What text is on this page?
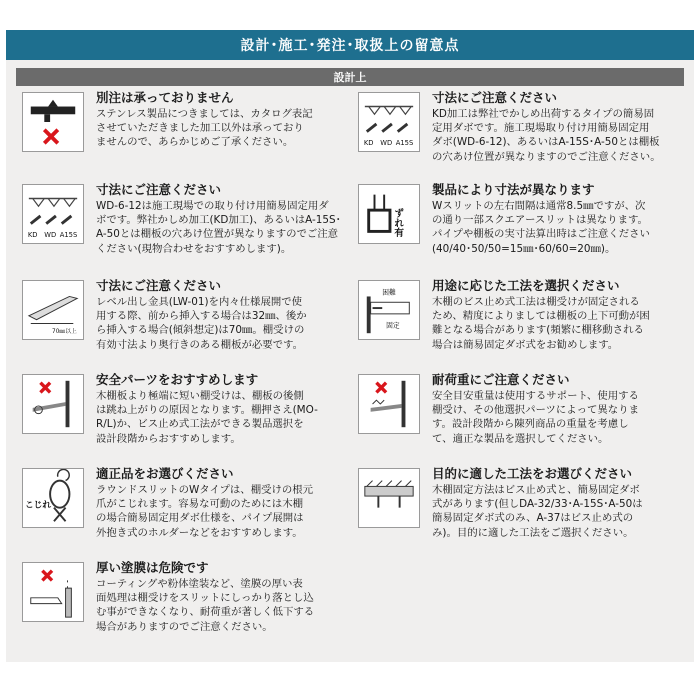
設計･施工･発注･取扱上の留意点
設計上
別注は承っておりません
ステンレス製品につきましては、カタログ表記
させていただきました加工以外は承っており
ませんので、あらかじめご了承ください。
KD WD A15S
寸法にご注意ください
WD-6-12は施工現場での取り付け用簡易固定用ダ
ボです。弊社かしめ加工(KD加工)、あるいはA-15S･
A-50とは棚板の穴あけ位置が異なりますのでご注意
ください(現物合わせをおすすめします)。
70㎜以上
寸法にご注意ください
レベル出し金具(LW-01)を内々仕様展開で使
用する際、前から挿入する場合は32㎜、後か
ら挿入する場合(傾斜想定)は70㎜。棚受けの
有効寸法より奥行きのある棚板が必要です。
安全パーツをおすすめします
木棚板より極端に短い棚受けは、棚板の後側
は跳ね上がりの原因となります。棚押さえ(MO-
R/L)か、ビス止め式工法ができる製品選択を
設計段階からおすすめします。
こじれ
適正品をお選びください
ラウンドスリットのWタイプは、棚受けの根元
爪がこじれます。容易な可動のためには木棚
の場合簡易固定用ダボ仕様を、パイプ展開は
外抱き式のホルダーなどをおすすめします。
厚い塗膜は危険です
コーティングや粉体塗装など、塗膜の厚い表
面処理は棚受けをスリットにしっかり落とし込
む事ができなくなり、耐荷重が著しく低下する
場合がありますのでご注意ください。
KD WD A15S
寸法にご注意ください
KD加工は弊社でかしめ出荷するタイプの簡易固
定用ダボです。施工現場取り付け用簡易固定用
ダボ(WD-6-12)、あるいはA-15S･A-50とは棚板
の穴あけ位置が異なりますのでご注意ください。
ずれ有
製品により寸法が異なります
Wスリットの左右間隔は通常8.5㎜ですが、次
の通り一部スクエアースリットは異なります。
パイプや棚板の実寸法算出時はご注意ください
(40/40･50/50=15㎜･60/60=20㎜)。
困難
固定
用途に応じた工法を選択ください
木棚のビス止め式工法は棚受けが固定される
ため、精度によりましては棚板の上下可動が困
難となる場合があります(頻繁に棚移動される
場合は簡易固定ダボ式をお勧めします。
耐荷重にご注意ください
安全目安重量は使用するサポート、使用する
棚受け、その他選択パーツによって異なりま
す。設計段階から陳列商品の重量を考慮し
て、適正な製品を選択してください。
目的に適した工法をお選びください
木棚固定方法はビス止め式と、簡易固定ダボ
式があります(但しDA-32/33･A-15S･A-50は
簡易固定ダボ式のみ、A-37はビス止め式の
み)。目的に適した工法をご選択ください。
